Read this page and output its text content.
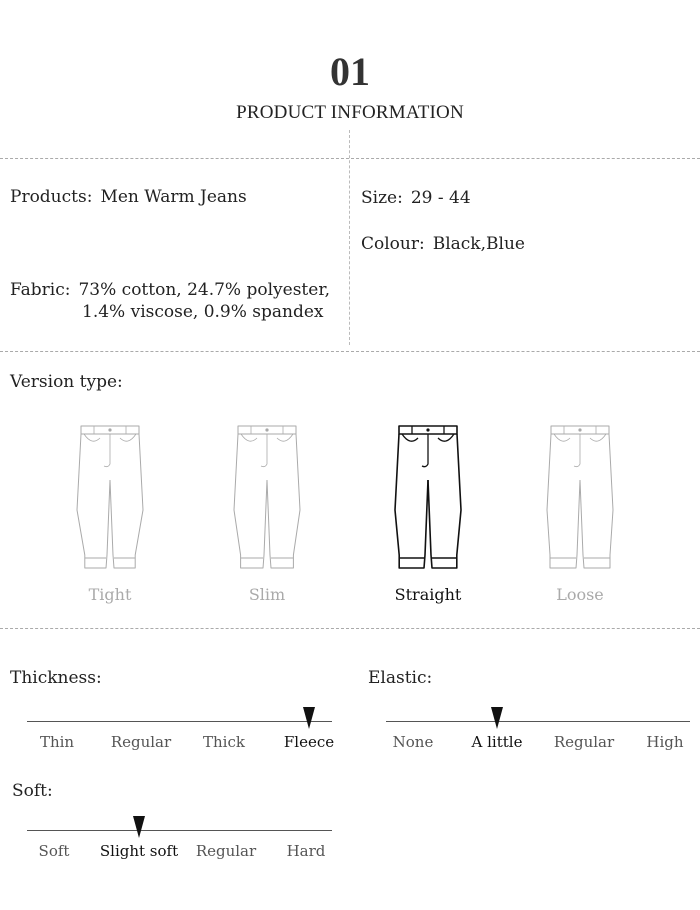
01
PRODUCT INFORMATION
Products: Men Warm Jeans	Size: 29 - 44
Colour: Black,Blue
Fabric: 73% cotton, 24.7% polyester,
1.4% viscose, 0.9% spandex
Version type:
Tight	Slim	Straight	Loose
Thickness:
Thin	Regular	Thick	Fleece
Elastic:
None	A little	Regular	High
Soft:
Soft	Slight soft	Regular	Hard
